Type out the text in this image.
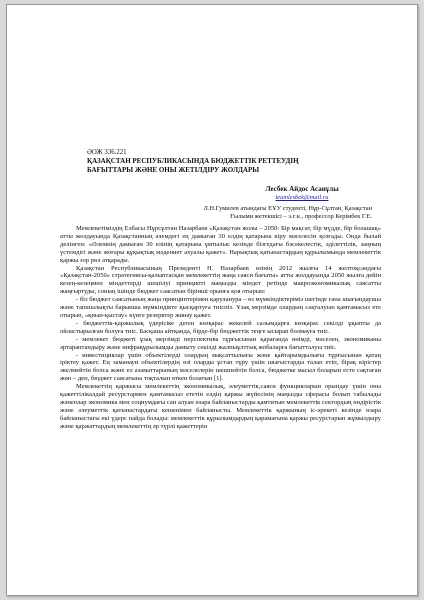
ӘОЖ 336.221
ҚАЗАҚСТАН РЕСПУБЛИКАСЫНДА БЮДЖЕТТІК РЕТТЕУДІҢ
БАҒЫТТАРЫ ЖӘНЕ ОНЫ ЖЕТІЛДІРУ ЖОЛДАРЫ
Лесбек Айдос Асанұлы
teamlesbek@mail.ru
Л.Н.Гумилев атындағы ЕҰУ студенті, Нұр-Сұлтан, Қазақстан
Ғылыми жетекшісі – э.ғ.к., профессор Керімбек Г.Е.

Мемлекетіміздің Елбасы Нұрсұлтан Назарбаев «Қазақстан жолы – 2050: Бір мақсат, бір мүдде, бір болашақ» атты жолдауында Қазақстанның әлемдегі ең дамыған 30 елдің қатарына кіру мәселесін қозғады. Онда былай делінген: «Әлемнің дамыған 30 елінің қатарына ұмтылыс кезінде бізгедағы бәсекелестік, әділеттілік, заңның үстемдігі және жоғары құқықтық мәдениет ахуалы қажет». Нарықтық қатынастардың құрылымында мемлекеттік қаржы зор рөл атқарады.

Қазақстан Республикасының Президенті Н. Назарбаев өзінің 2012 жылғы 14 желтоқсандағы «Қазақстан-2050» стратегиясы-қалыптасқан мемлекеттің жаңа саяси бағыты» атты жолдауында 2050 жылға дейін кезең-кезеңмен міндеттерді шешілуі принципті маңызды міндет ретінде макроэкономикалық саясатты жаңғыртуды, соның ішінде бюджет саясатын бірінші орынға қоя отырып:

- біз бюджет саясатының жаңа принциптерімен қаруланура – өз мүмкіндіктеріміз шегінде ғана шығындаушы және тапшылықты барынша мүмкіндікте қысқартуға тиіспіз. Ұзақ мерзімде олардың сақталуын қамтамасыз ете отырып, «қиын-қыстау» күнге резервтер жинау қажет.

- бюджеттік-қаржылық үдерісіке деген көзқарас жекелей салымдарға көзқарас секілді ұқыпты да ойластырылған болуға тиіс. Басқаша айтқанда, бірде-бір бюджеттік теңге ысырап болмауға тиіс.

- мемлекет бюджеті ұзақ мерзімді перспектива тұрғысынан қарағанда өнімді, мәселен, экономиканы әртараптандыру және инфрақұрылымды дамыту секілді жалпыұлттық жобаларға бағытталуы тиіс.

- инвестициялар үшін объектілерді олардың мақсаттылығы және қайтарымдылығы тұрғысынан қатаң іріктеу қажет. Ең заманауи объектілердің өзі оларды ұстап тұру үшін шығыстарды талап етіп, бірақ кірістер әкелмейтін болса және ел азаматтарының мәселелерін шешпейтін болса, бюджетке масыл боларын есте сақтаған жөн – деп, бюджет саясатына тоқталып өткен болатын [1].

Мемлекеттің қаржысы мемлекеттің экономикалық, әлеуметтік,саяси функцияларын орындау үшін оны қажеттілікалдай ресурстармен қамтамасыз ететін елдің қаржы жүйесінің маңызды сферасы болып табылады жәнеолар экономика мен социумдағы сан алуан өзара байланыстарды қамтитын мемлекеттік сектордың өндірістік және әлеуметтік қатынастардағы кешенімен байланысты. Мемлекеттік қаржының іс-әрекеті кезінде өзара байланыстағы екі үдерс пайда болады: мемлекеттік құрылымдардың қарамағына қаржы ресурстарын жұмылдыру және қаржаттардың мемлекеттің әр түрлі қажеттерін
